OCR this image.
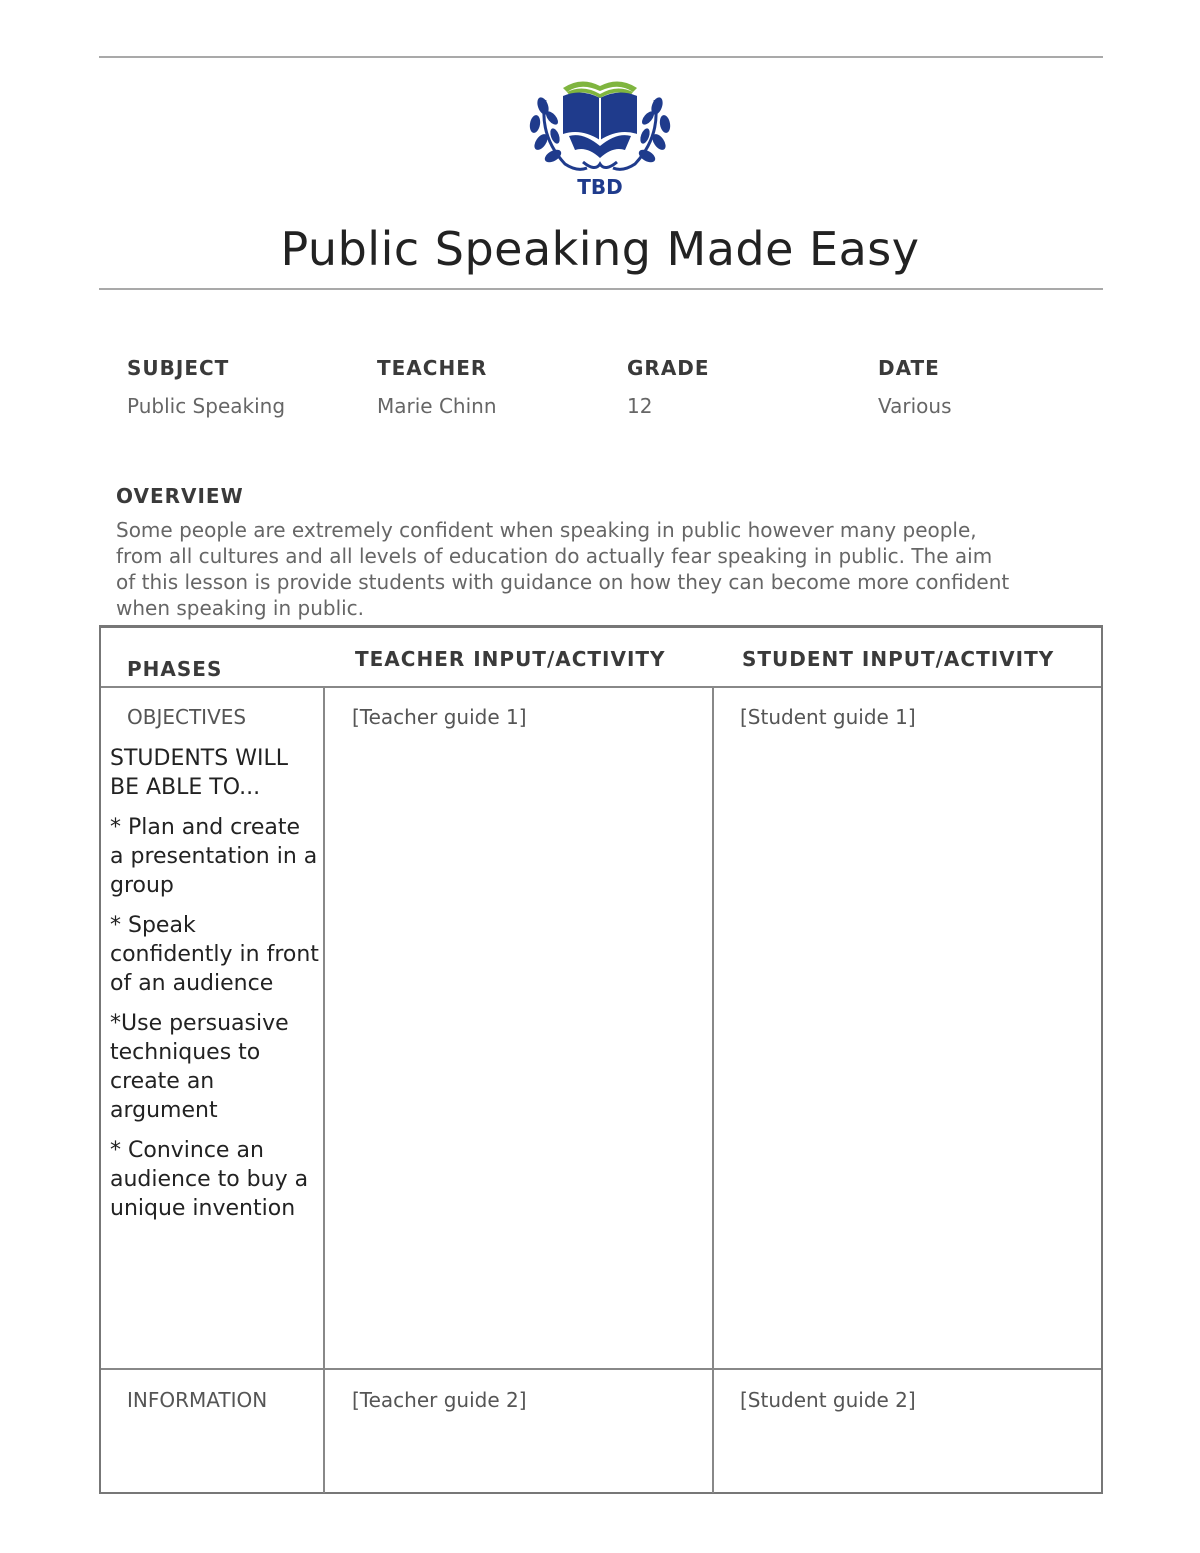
TBD
Public Speaking Made Easy
SUBJECT
Public Speaking
TEACHER
Marie Chinn
GRADE
12
DATE
Various
OVERVIEW
Some people are extremely confident when speaking in public however many people,
from all cultures and all levels of education do actually fear speaking in public. The aim
of this lesson is provide students with guidance on how they can become more confident
when speaking in public.
PHASES	TEACHER INPUT/ACTIVITY	STUDENT INPUT/ACTIVITY
OBJECTIVES	[Teacher guide 1]	[Student guide 1]
STUDENTS WILL BE ABLE TO...
* Plan and create a presentation in a group
* Speak confidently in front of an audience
*Use persuasive techniques to create an argument
* Convince an audience to buy a unique invention
INFORMATION	[Teacher guide 2]	[Student guide 2]
